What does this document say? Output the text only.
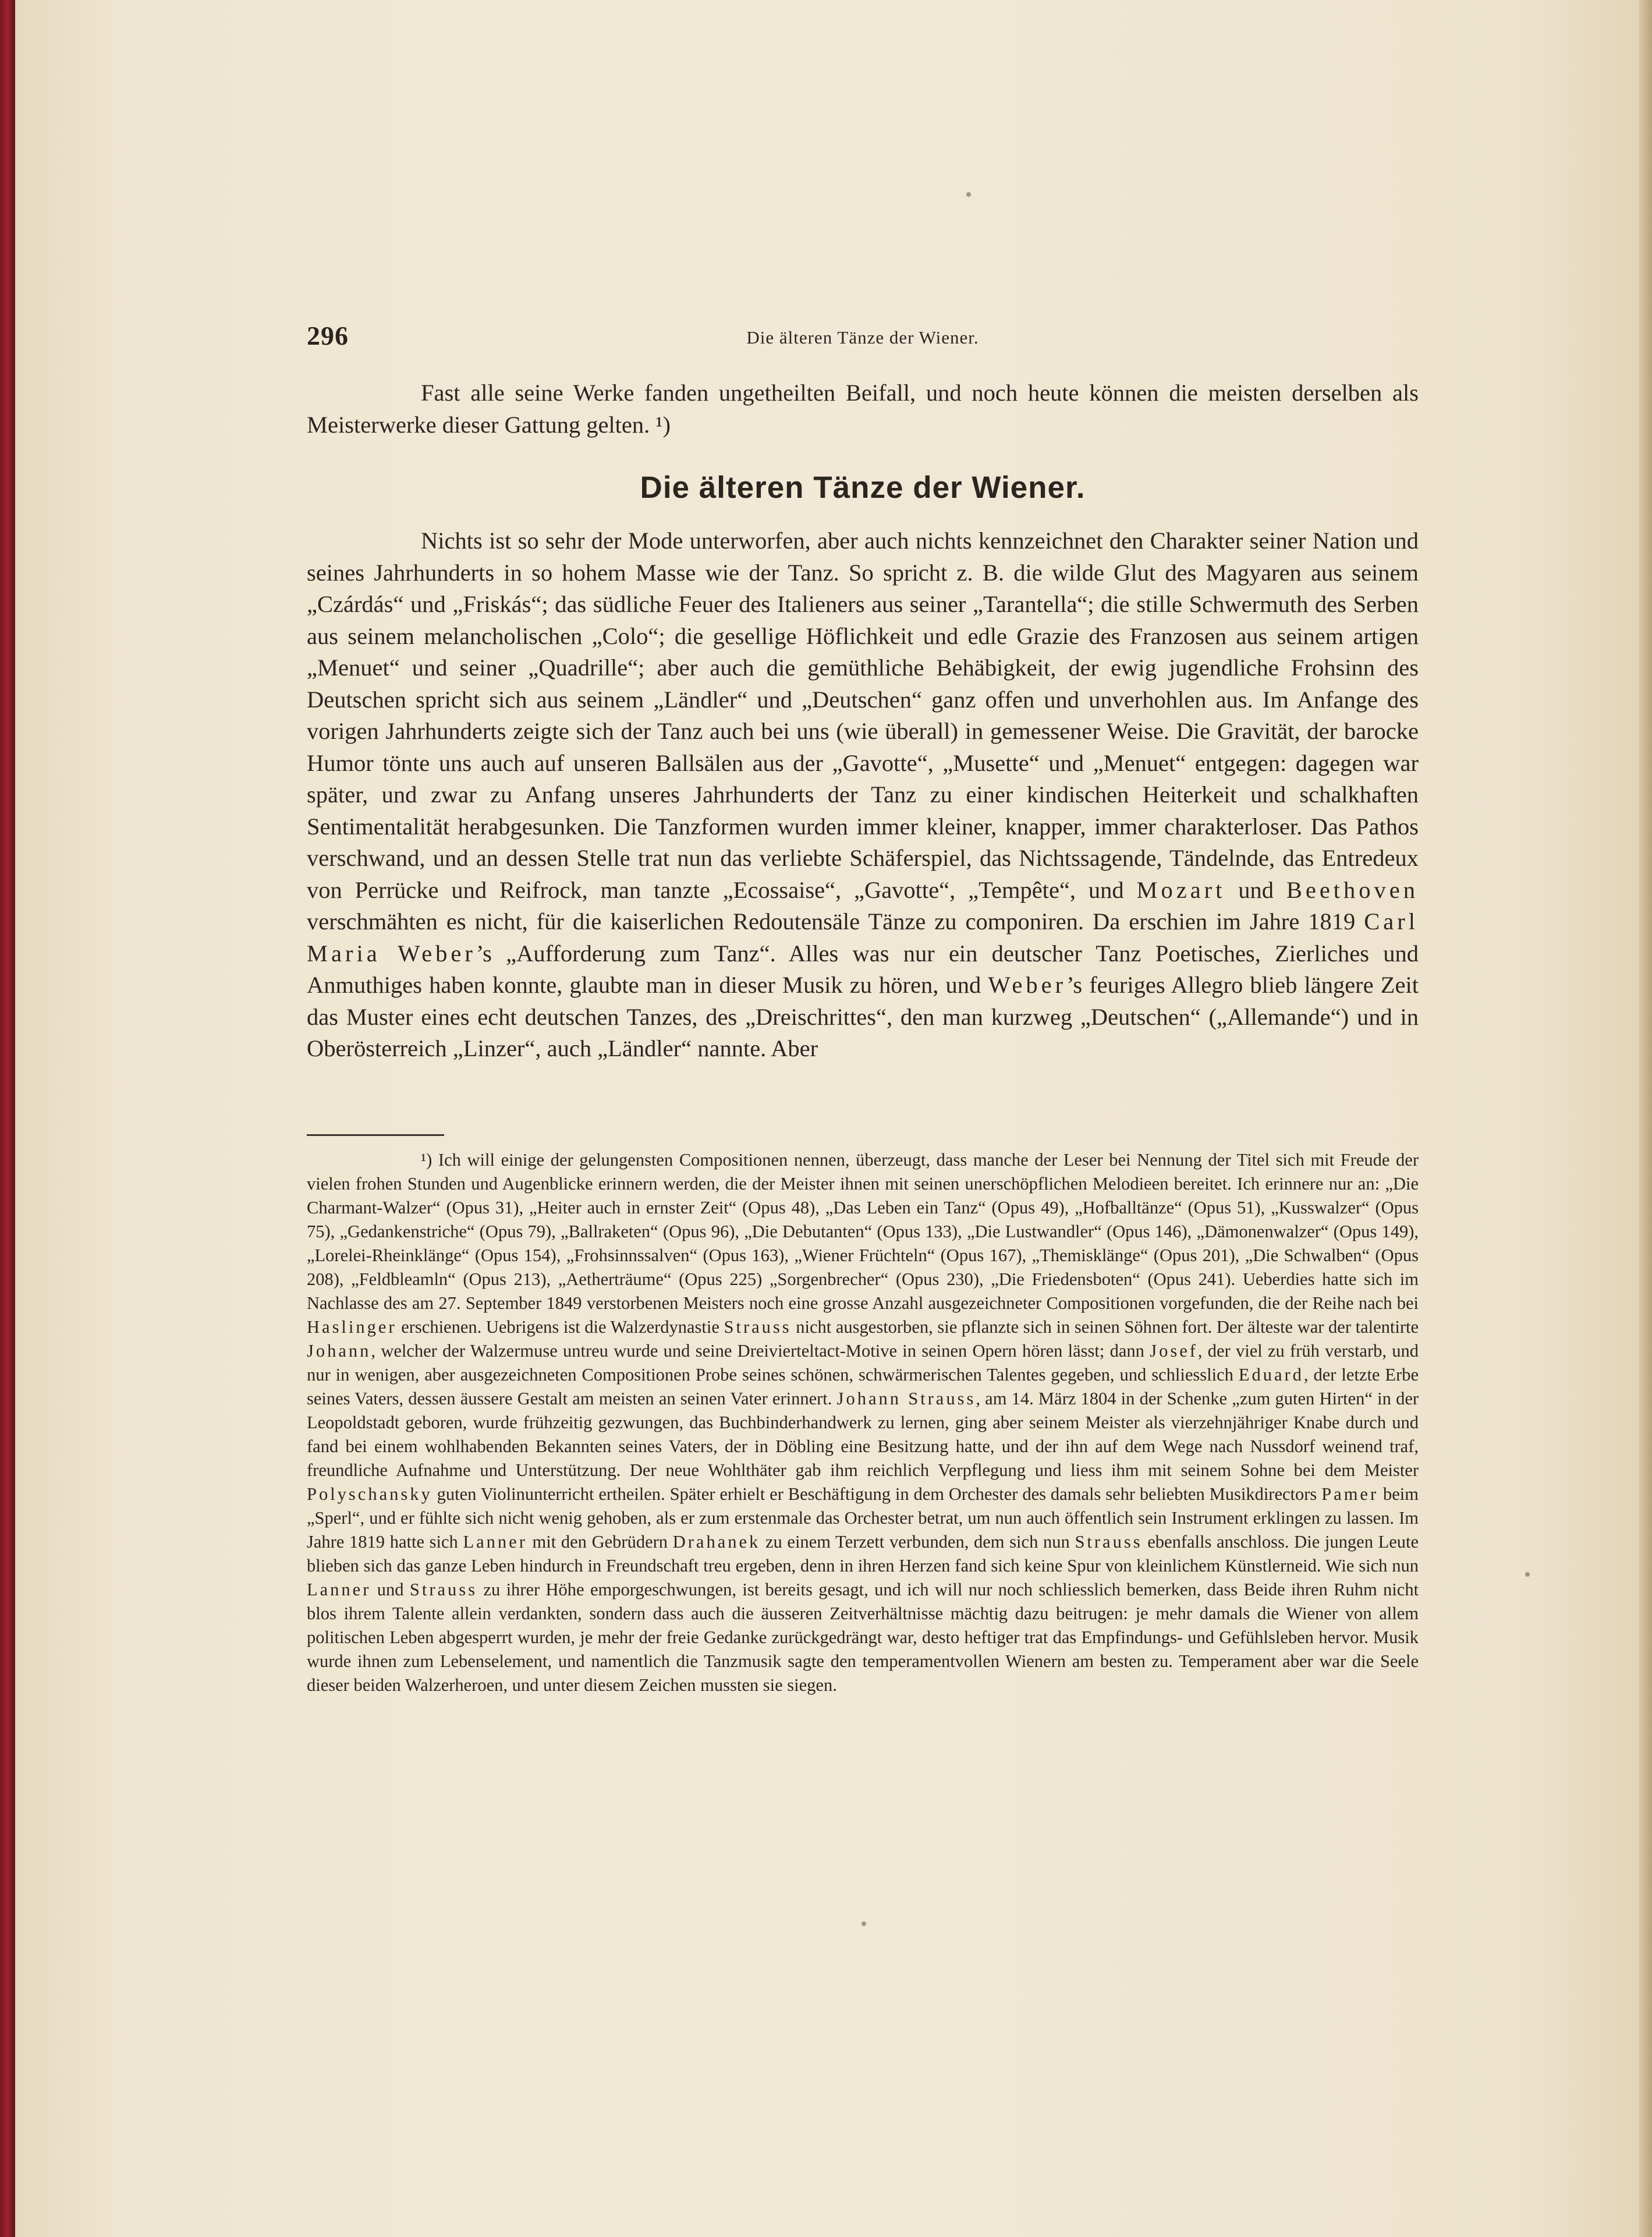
296	Die älteren Tänze der Wiener.

Fast alle seine Werke fanden ungetheilten Beifall, und noch heute können die meisten derselben als Meisterwerke dieser Gattung gelten. ¹)

Die älteren Tänze der Wiener.

Nichts ist so sehr der Mode unterworfen, aber auch nichts kennzeichnet den Charakter seiner Nation und seines Jahrhunderts in so hohem Masse wie der Tanz. So spricht z. B. die wilde Glut des Magyaren aus seinem „Czárdás“ und „Friskás“; das südliche Feuer des Italieners aus seiner „Tarantella“; die stille Schwermuth des Serben aus seinem melancholischen „Colo“; die gesellige Höflichkeit und edle Grazie des Franzosen aus seinem artigen „Menuet“ und seiner „Quadrille“; aber auch die gemüthliche Behäbigkeit, der ewig jugendliche Frohsinn des Deutschen spricht sich aus seinem „Ländler“ und „Deutschen“ ganz offen und unverhohlen aus. Im Anfange des vorigen Jahrhunderts zeigte sich der Tanz auch bei uns (wie überall) in gemessener Weise. Die Gravität, der barocke Humor tönte uns auch auf unseren Ballsälen aus der „Gavotte“, „Musette“ und „Menuet“ entgegen: dagegen war später, und zwar zu Anfang unseres Jahrhunderts der Tanz zu einer kindischen Heiterkeit und schalkhaften Sentimentalität herabgesunken. Die Tanzformen wurden immer kleiner, knapper, immer charakterloser. Das Pathos verschwand, und an dessen Stelle trat nun das verliebte Schäferspiel, das Nichtssagende, Tändelnde, das Entredeux von Perrücke und Reifrock, man tanzte „Ecossaise“, „Gavotte“, „Tempête“, und Mozart und Beethoven verschmähten es nicht, für die kaiserlichen Redoutensäle Tänze zu componiren. Da erschien im Jahre 1819 Carl Maria Weber’s „Aufforderung zum Tanz“. Alles was nur ein deutscher Tanz Poetisches, Zierliches und Anmuthiges haben konnte, glaubte man in dieser Musik zu hören, und Weber’s feuriges Allegro blieb längere Zeit das Muster eines echt deutschen Tanzes, des „Dreischrittes“, den man kurzweg „Deutschen“ („Allemande“) und in Oberösterreich „Linzer“, auch „Ländler“ nannte. Aber

¹) Ich will einige der gelungensten Compositionen nennen, überzeugt, dass manche der Leser bei Nennung der Titel sich mit Freude der vielen frohen Stunden und Augenblicke erinnern werden, die der Meister ihnen mit seinen unerschöpflichen Melodieen bereitet. Ich erinnere nur an: „Die Charmant-Walzer“ (Opus 31), „Heiter auch in ernster Zeit“ (Opus 48), „Das Leben ein Tanz“ (Opus 49), „Hofballtänze“ (Opus 51), „Kusswalzer“ (Opus 75), „Gedankenstriche“ (Opus 79), „Ballraketen“ (Opus 96), „Die Debutanten“ (Opus 133), „Die Lustwandler“ (Opus 146), „Dämonenwalzer“ (Opus 149), „Lorelei-Rheinklänge“ (Opus 154), „Frohsinnssalven“ (Opus 163), „Wiener Früchteln“ (Opus 167), „Themisklänge“ (Opus 201), „Die Schwalben“ (Opus 208), „Feldbleamln“ (Opus 213), „Aetherträume“ (Opus 225) „Sorgenbrecher“ (Opus 230), „Die Friedensboten“ (Opus 241). Ueberdies hatte sich im Nachlasse des am 27. September 1849 verstorbenen Meisters noch eine grosse Anzahl ausgezeichneter Compositionen vorgefunden, die der Reihe nach bei Haslinger erschienen. Uebrigens ist die Walzerdynastie Strauss nicht ausgestorben, sie pflanzte sich in seinen Söhnen fort. Der älteste war der talentirte Johann, welcher der Walzermuse untreu wurde und seine Dreivierteltact-Motive in seinen Opern hören lässt; dann Josef, der viel zu früh verstarb, und nur in wenigen, aber ausgezeichneten Compositionen Probe seines schönen, schwärmerischen Talentes gegeben, und schliesslich Eduard, der letzte Erbe seines Vaters, dessen äussere Gestalt am meisten an seinen Vater erinnert. Johann Strauss, am 14. März 1804 in der Schenke „zum guten Hirten“ in der Leopoldstadt geboren, wurde frühzeitig gezwungen, das Buchbinderhandwerk zu lernen, ging aber seinem Meister als vierzehnjähriger Knabe durch und fand bei einem wohlhabenden Bekannten seines Vaters, der in Döbling eine Besitzung hatte, und der ihn auf dem Wege nach Nussdorf weinend traf, freundliche Aufnahme und Unterstützung. Der neue Wohlthäter gab ihm reichlich Verpflegung und liess ihm mit seinem Sohne bei dem Meister Polyschansky guten Violinunterricht ertheilen. Später erhielt er Beschäftigung in dem Orchester des damals sehr beliebten Musikdirectors Pamer beim „Sperl“, und er fühlte sich nicht wenig gehoben, als er zum erstenmale das Orchester betrat, um nun auch öffentlich sein Instrument erklingen zu lassen. Im Jahre 1819 hatte sich Lanner mit den Gebrüdern Drahanek zu einem Terzett verbunden, dem sich nun Strauss ebenfalls anschloss. Die jungen Leute blieben sich das ganze Leben hindurch in Freundschaft treu ergeben, denn in ihren Herzen fand sich keine Spur von kleinlichem Künstlerneid. Wie sich nun Lanner und Strauss zu ihrer Höhe emporgeschwungen, ist bereits gesagt, und ich will nur noch schliesslich bemerken, dass Beide ihren Ruhm nicht blos ihrem Talente allein verdankten, sondern dass auch die äusseren Zeitverhältnisse mächtig dazu beitrugen: je mehr damals die Wiener von allem politischen Leben abgesperrt wurden, je mehr der freie Gedanke zurückgedrängt war, desto heftiger trat das Empfindungs- und Gefühlsleben hervor. Musik wurde ihnen zum Lebenselement, und namentlich die Tanzmusik sagte den temperamentvollen Wienern am besten zu. Temperament aber war die Seele dieser beiden Walzerheroen, und unter diesem Zeichen mussten sie siegen.
